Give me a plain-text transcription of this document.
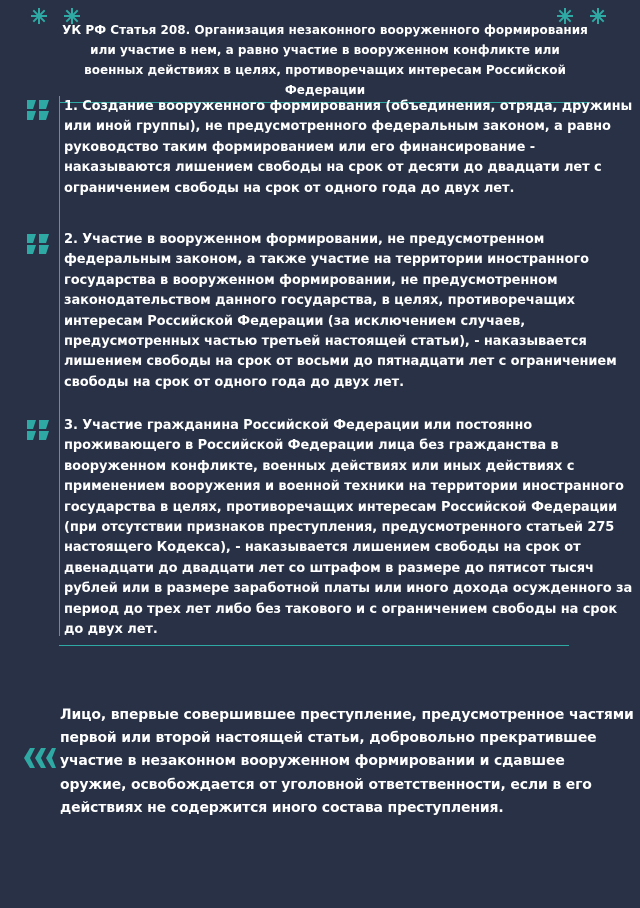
УК РФ Статья 208. Организация незаконного вооруженного формирования или участие в нем, а равно участие в вооруженном конфликте или военных действиях в целях, противоречащих интересам Российской Федерации
1. Создание вооруженного формирования (объединения, отряда, дружины или иной группы), не предусмотренного федеральным законом, а равно руководство таким формированием или его финансирование - наказываются лишением свободы на срок от десяти до двадцати лет с ограничением свободы на срок от одного года до двух лет.
2. Участие в вооруженном формировании, не предусмотренном федеральным законом, а также участие на территории иностранного государства в вооруженном формировании, не предусмотренном законодательством данного государства, в целях, противоречащих интересам Российской Федерации (за исключением случаев, предусмотренных частью третьей настоящей статьи), - наказывается лишением свободы на срок от восьми до пятнадцати лет с ограничением свободы на срок от одного года до двух лет.
3. Участие гражданина Российской Федерации или постоянно проживающего в Российской Федерации лица без гражданства в вооруженном конфликте, военных действиях или иных действиях с применением вооружения и военной техники на территории иностранного государства в целях, противоречащих интересам Российской Федерации (при отсутствии признаков преступления, предусмотренного статьей 275 настоящего Кодекса), - наказывается лишением свободы на срок от двенадцати до двадцати лет со штрафом в размере до пятисот тысяч рублей или в размере заработной платы или иного дохода осужденного за период до трех лет либо без такового и с ограничением свободы на срок до двух лет.
Лицо, впервые совершившее преступление, предусмотренное частями первой или второй настоящей статьи, добровольно прекратившее участие в незаконном вооруженном формировании и сдавшее оружие, освобождается от уголовной ответственности, если в его действиях не содержится иного состава преступления.
